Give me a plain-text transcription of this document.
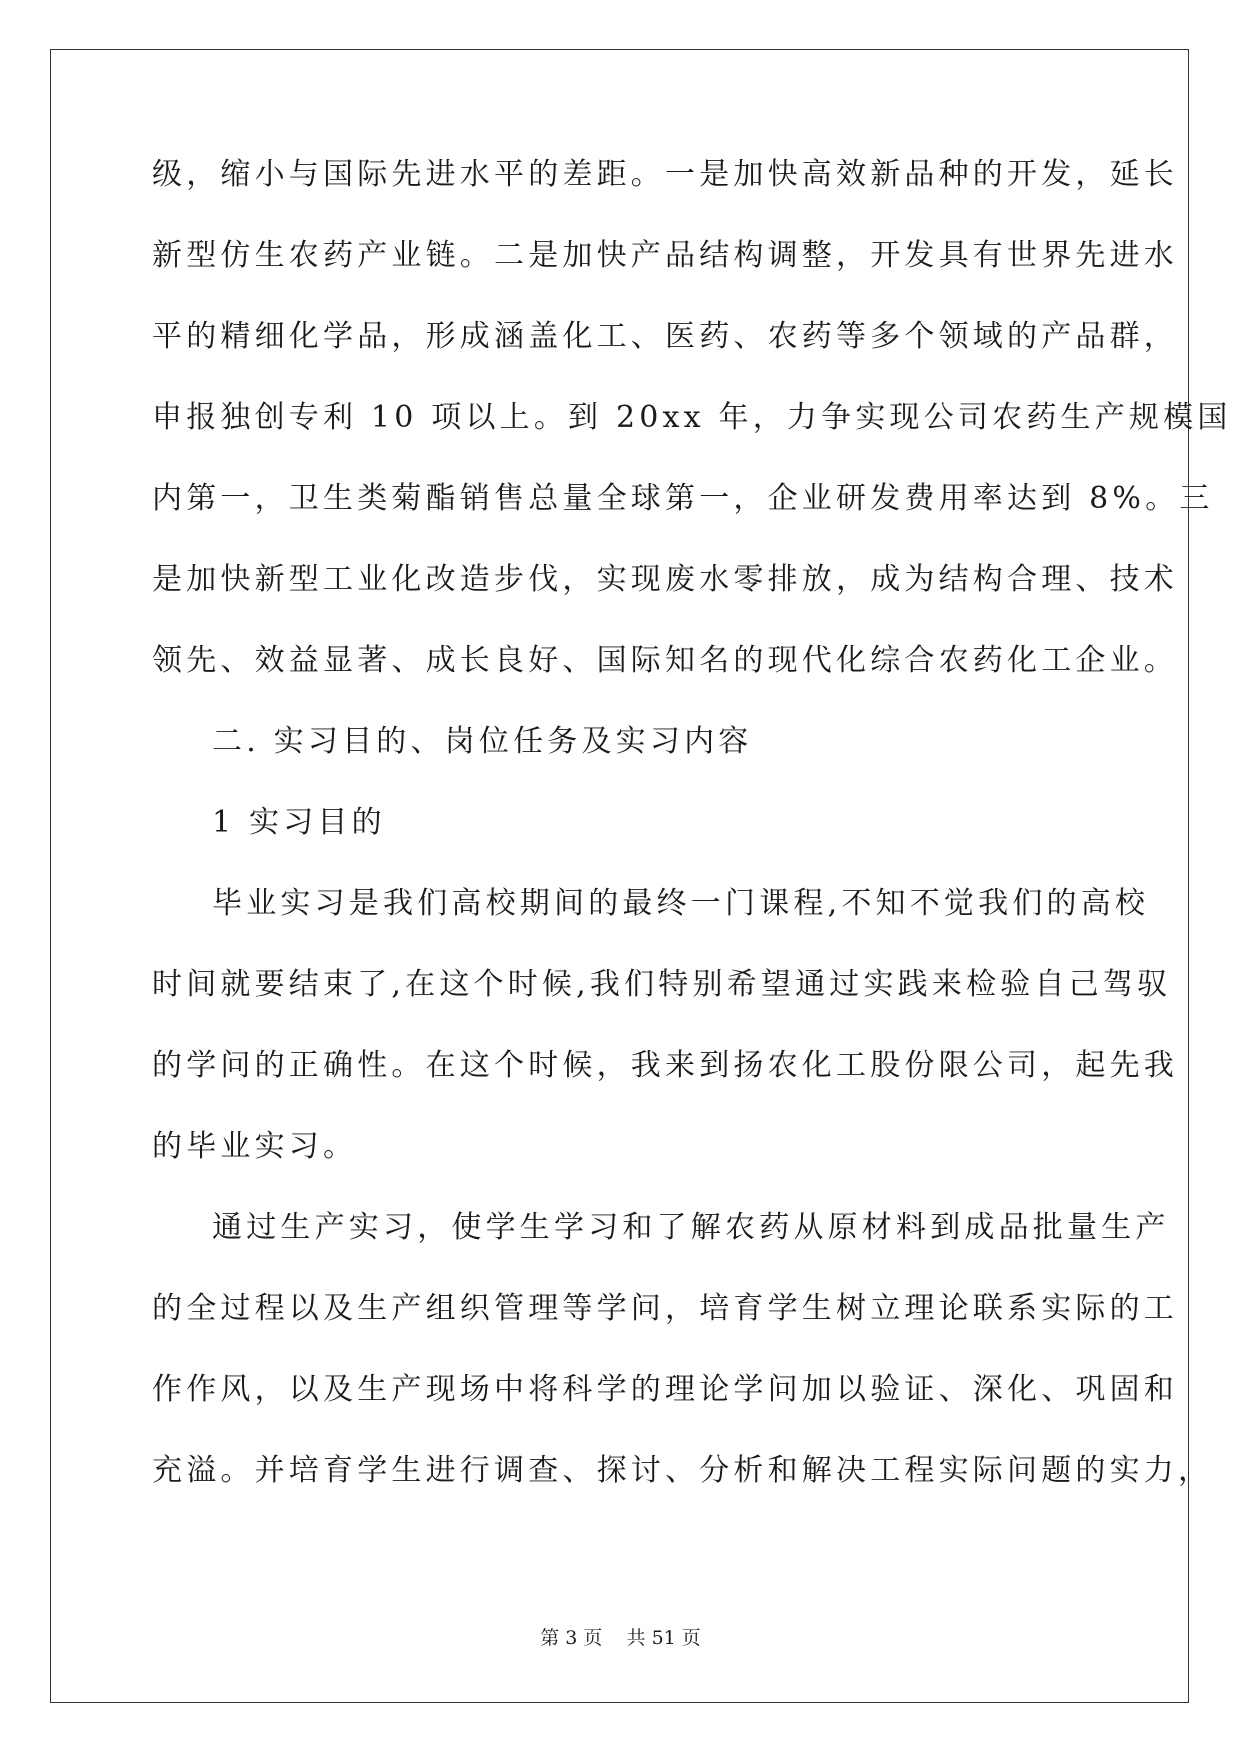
级，缩小与国际先进水平的差距。一是加快高效新品种的开发，延长
新型仿生农药产业链。二是加快产品结构调整，开发具有世界先进水
平的精细化学品，形成涵盖化工、医药、农药等多个领域的产品群，
申报独创专利 10 项以上。到 20xx 年，力争实现公司农药生产规模国
内第一，卫生类菊酯销售总量全球第一，企业研发费用率达到 8%。三
是加快新型工业化改造步伐，实现废水零排放，成为结构合理、技术
领先、效益显著、成长良好、国际知名的现代化综合农药化工企业。
二. 实习目的、岗位任务及实习内容
1 实习目的
毕业实习是我们高校期间的最终一门课程,不知不觉我们的高校
时间就要结束了,在这个时候,我们特别希望通过实践来检验自己驾驭
的学问的正确性。在这个时候，我来到扬农化工股份限公司，起先我
的毕业实习。
通过生产实习，使学生学习和了解农药从原材料到成品批量生产
的全过程以及生产组织管理等学问，培育学生树立理论联系实际的工
作作风，以及生产现场中将科学的理论学问加以验证、深化、巩固和
充溢。并培育学生进行调查、探讨、分析和解决工程实际问题的实力，
第 3 页    共 51 页
